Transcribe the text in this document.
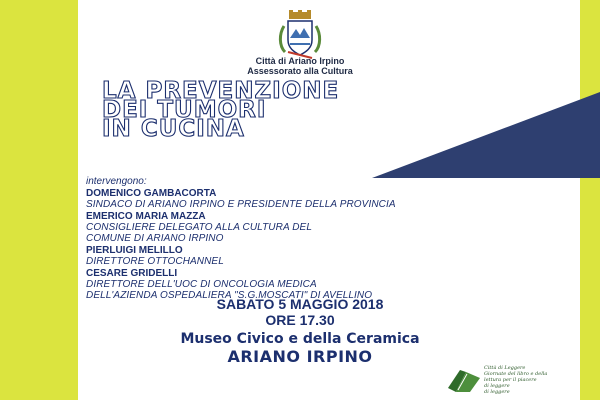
Città di Ariano Irpino
Assessorato alla Cultura
LA PREVENZIONE
DEI TUMORI
IN CUCINA
intervengono:
DOMENICO GAMBACORTA
SINDACO DI ARIANO IRPINO E PRESIDENTE DELLA PROVINCIA
EMERICO MARIA MAZZA
CONSIGLIERE DELEGATO ALLA CULTURA DEL
COMUNE DI ARIANO IRPINO
PIERLUIGI MELILLO
DIRETTORE OTTOCHANNEL
CESARE GRIDELLI
DIRETTORE DELL'UOC DI ONCOLOGIA MEDICA
DELL'AZIENDA OSPEDALIERA "S.G.MOSCATI" DI AVELLINO
SABATO 5 MAGGIO 2018
ORE 17.30
Museo Civico e della Ceramica
ARIANO IRPINO
Città di Leggere
Giornate del libro e della
lettura per il piacere
di leggere
di leggere
